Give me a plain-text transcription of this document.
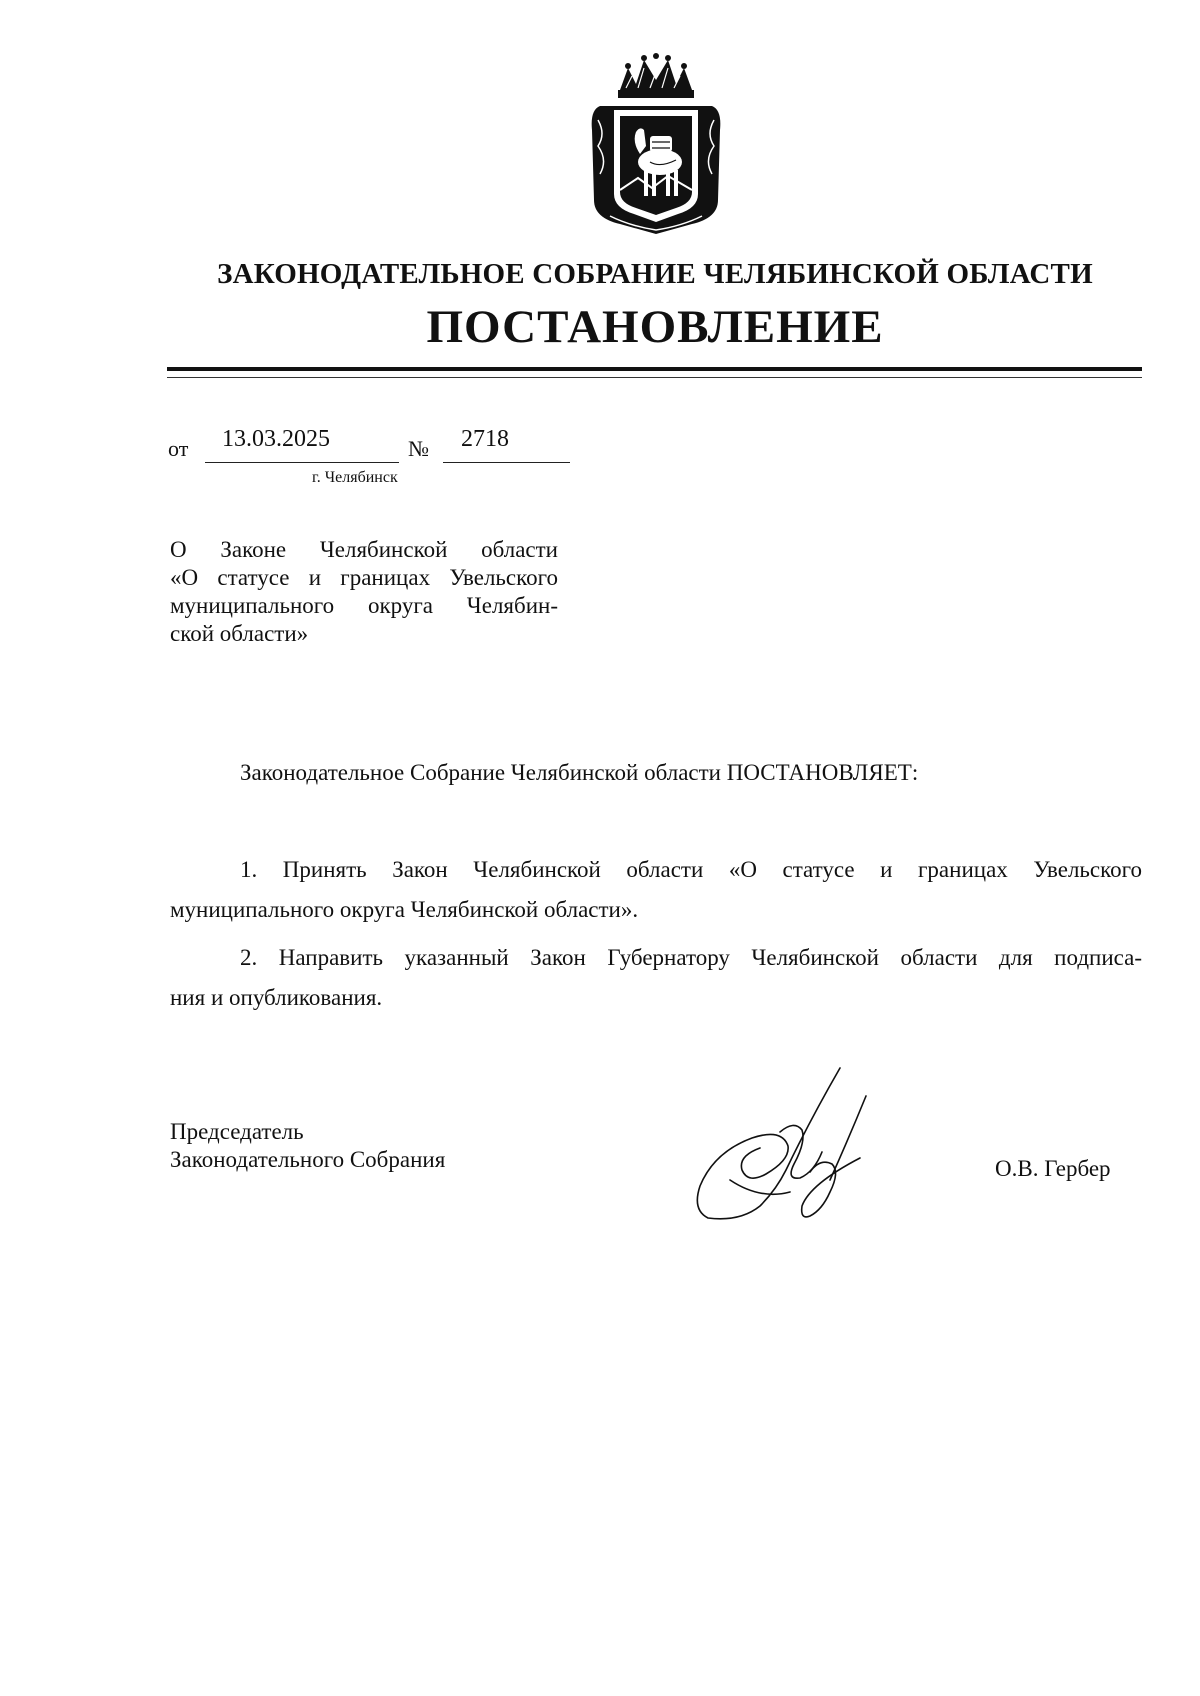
ЗАКОНОДАТЕЛЬНОЕ СОБРАНИЕ ЧЕЛЯБИНСКОЙ ОБЛАСТИ
ПОСТАНОВЛЕНИЕ
от 13.03.2025	№ 2718
г. Челябинск
О Законе Челябинской области
«О статусе и границах Увельского
муниципального округа Челябин-
ской области»
Законодательное Собрание Челябинской области ПОСТАНОВЛЯЕТ:
1. Принять Закон Челябинской области «О статусе и границах Увельского
муниципального округа Челябинской области».
2. Направить указанный Закон Губернатору Челябинской области для подписа-
ния и опубликования.
Председатель
Законодательного Собрания	О.В. Гербер
